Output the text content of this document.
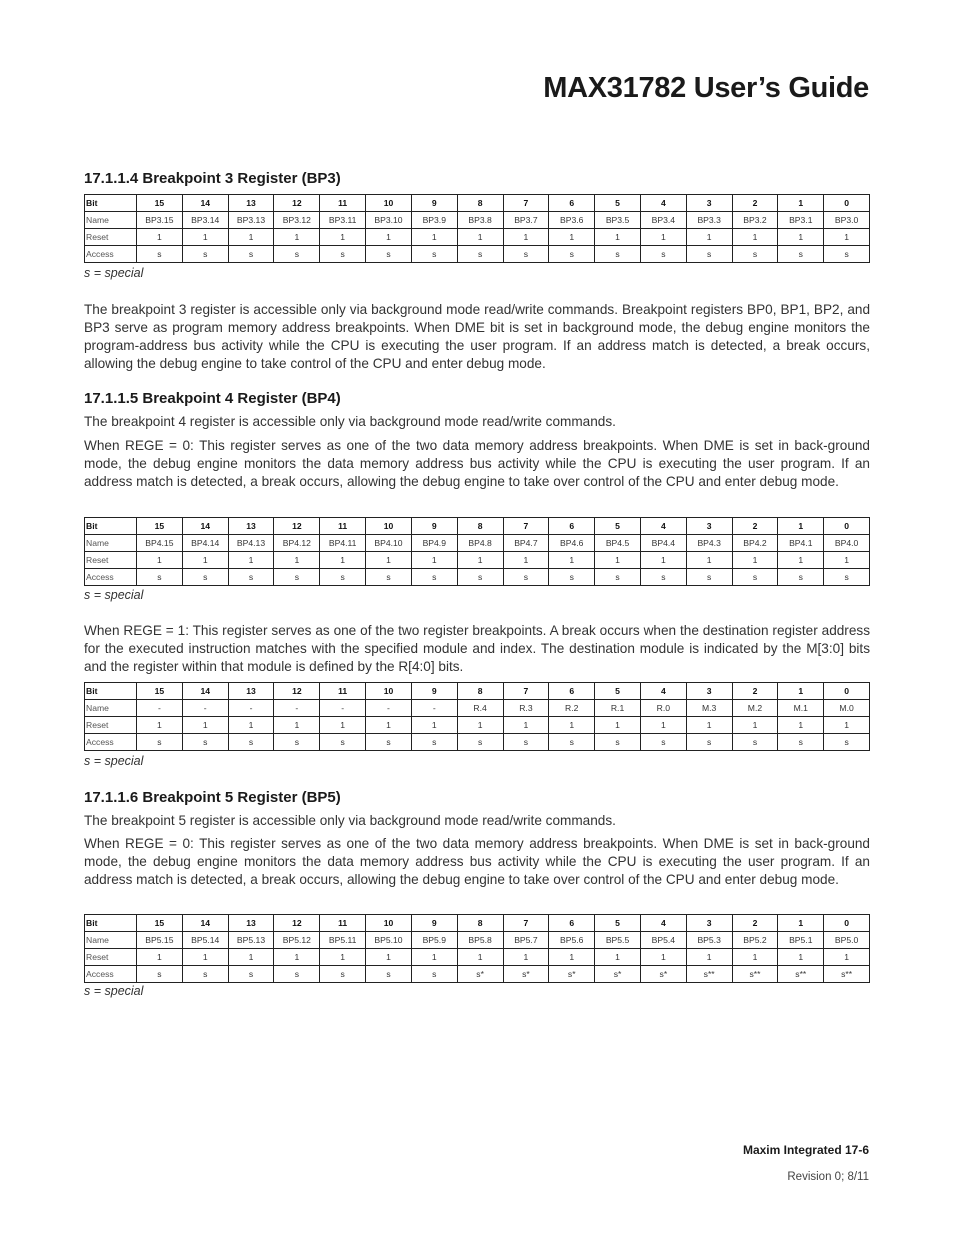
MAX31782 User’s Guide
17.1.1.4 Breakpoint 3 Register (BP3)
Bit	15	14	13	12	11	10	9	8	7	6	5	4	3	2	1	0
Name	BP3.15	BP3.14	BP3.13	BP3.12	BP3.11	BP3.10	BP3.9	BP3.8	BP3.7	BP3.6	BP3.5	BP3.4	BP3.3	BP3.2	BP3.1	BP3.0
Reset	1	1	1	1	1	1	1	1	1	1	1	1	1	1	1	1
Access	s	s	s	s	s	s	s	s	s	s	s	s	s	s	s	s

s = special

The breakpoint 3 register is accessible only via background mode read/write commands. Breakpoint registers BP0, BP1, BP2, and BP3 serve as program memory address breakpoints. When DME bit is set in background mode, the debug engine monitors the program-address bus activity while the CPU is executing the user program. If an address match is detected, a break occurs, allowing the debug engine to take control of the CPU and enter debug mode.

17.1.1.5 Breakpoint 4 Register (BP4)

The breakpoint 4 register is accessible only via background mode read/write commands.

When REGE = 0: This register serves as one of the two data memory address breakpoints. When DME is set in back-ground mode, the debug engine monitors the data memory address bus activity while the CPU is executing the user program. If an address match is detected, a break occurs, allowing the debug engine to take over control of the CPU and enter debug mode.

Bit	15	14	13	12	11	10	9	8	7	6	5	4	3	2	1	0
Name	BP4.15	BP4.14	BP4.13	BP4.12	BP4.11	BP4.10	BP4.9	BP4.8	BP4.7	BP4.6	BP4.5	BP4.4	BP4.3	BP4.2	BP4.1	BP4.0
Reset	1	1	1	1	1	1	1	1	1	1	1	1	1	1	1	1
Access	s	s	s	s	s	s	s	s	s	s	s	s	s	s	s	s

s = special

When REGE = 1: This register serves as one of the two register breakpoints. A break occurs when the destination register address for the executed instruction matches with the specified module and index. The destination module is indicated by the M[3:0] bits and the register within that module is defined by the R[4:0] bits.

Bit	15	14	13	12	11	10	9	8	7	6	5	4	3	2	1	0
Name	-	-	-	-	-	-	-	R.4	R.3	R.2	R.1	R.0	M.3	M.2	M.1	M.0
Reset	1	1	1	1	1	1	1	1	1	1	1	1	1	1	1	1
Access	s	s	s	s	s	s	s	s	s	s	s	s	s	s	s	s

s = special

17.1.1.6 Breakpoint 5 Register (BP5)

The breakpoint 5 register is accessible only via background mode read/write commands.

When REGE = 0: This register serves as one of the two data memory address breakpoints. When DME is set in back-ground mode, the debug engine monitors the data memory address bus activity while the CPU is executing the user program. If an address match is detected, a break occurs, allowing the debug engine to take over control of the CPU and enter debug mode.

Bit	15	14	13	12	11	10	9	8	7	6	5	4	3	2	1	0
Name	BP5.15	BP5.14	BP5.13	BP5.12	BP5.11	BP5.10	BP5.9	BP5.8	BP5.7	BP5.6	BP5.5	BP5.4	BP5.3	BP5.2	BP5.1	BP5.0
Reset	1	1	1	1	1	1	1	1	1	1	1	1	1	1	1	1
Access	s	s	s	s	s	s	s	s*	s*	s*	s*	s*	s**	s**	s**	s**

s = special

Maxim Integrated 17-6

Revision 0; 8/11
